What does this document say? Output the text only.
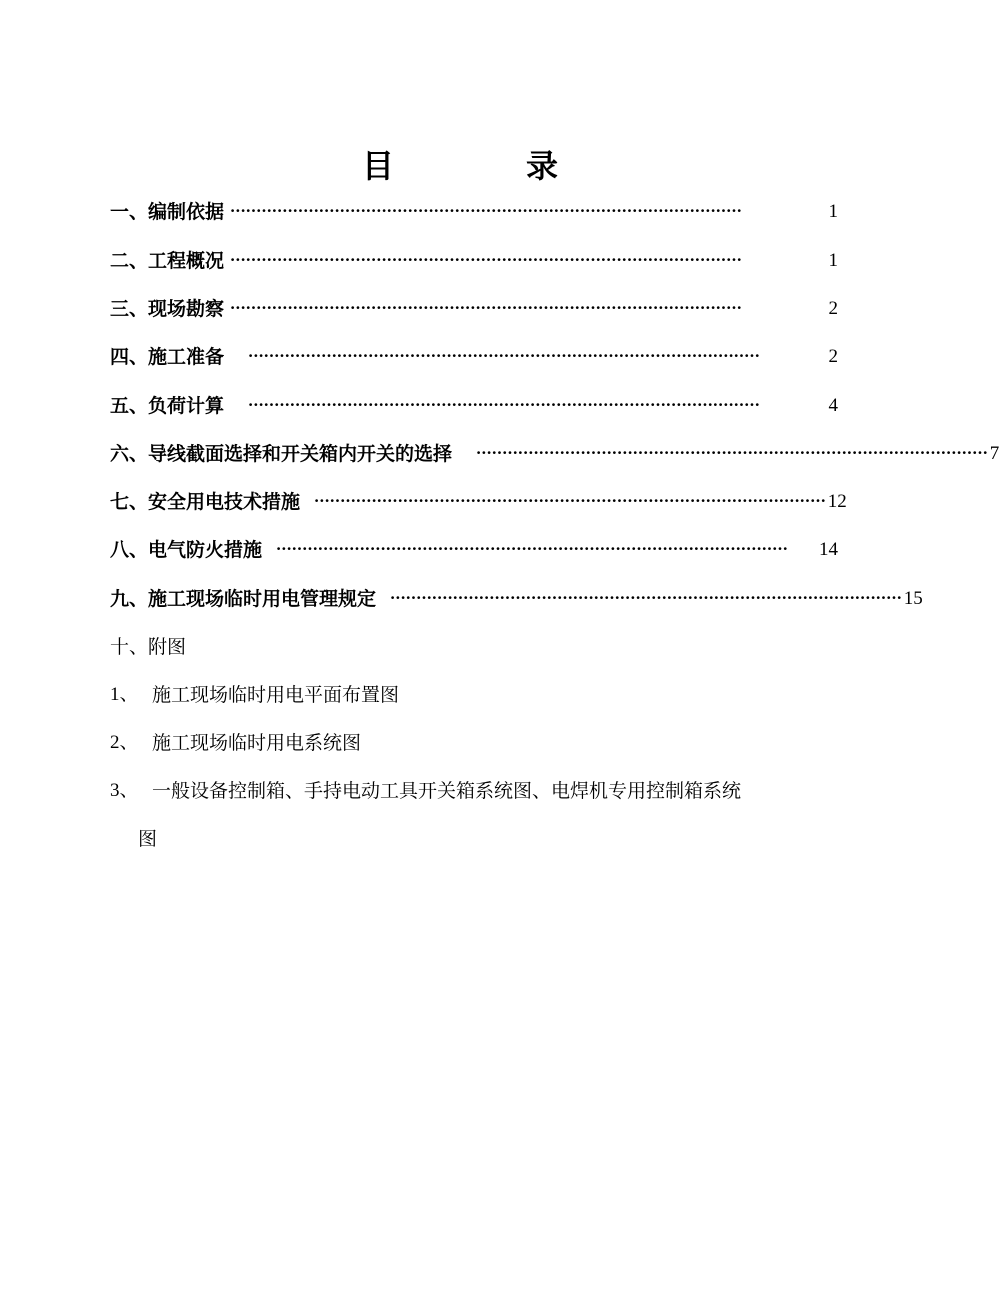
目　录
一、编制依据 ··································································································	1
二、工程概况 ··································································································	1
三、现场勘察 ··································································································	2
四、施工准备 ··································································································	2
五、负荷计算 ··································································································	4
六、导线截面选择和开关箱内开关的选择 ·································································································· 7
七、安全用电技术措施 ·································································································· 12
八、电气防火措施 ··································································································	14
九、施工现场临时用电管理规定 ·································································································· 15
十、附图
1、 施工现场临时用电平面布置图
2、 施工现场临时用电系统图
3、 一般设备控制箱、手持电动工具开关箱系统图、电焊机专用控制箱系统
图
